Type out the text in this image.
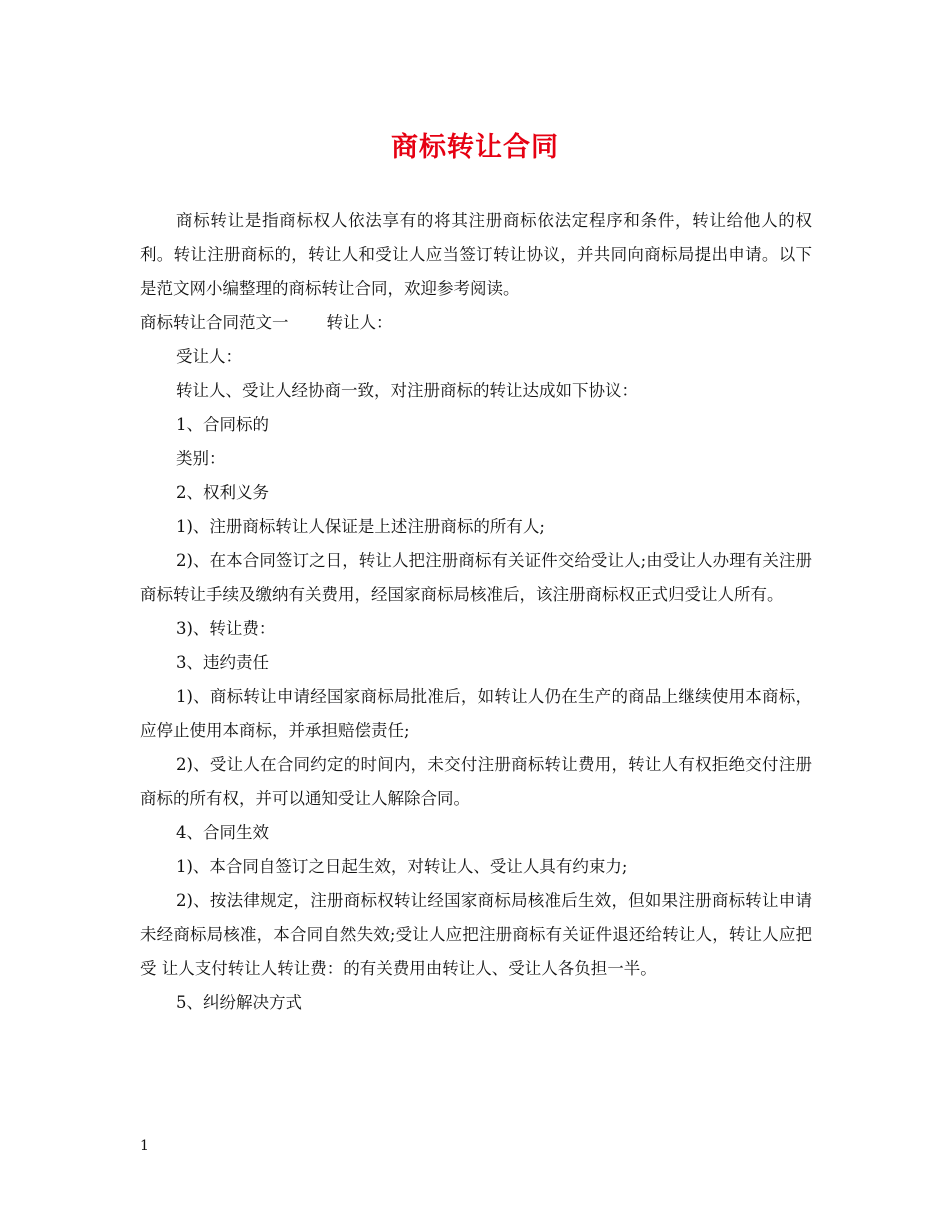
商标转让合同

商标转让是指商标权人依法享有的将其注册商标依法定程序和条件，转让给他人的权利。转让注册商标的，转让人和受让人应当签订转让协议，并共同向商标局提出申请。以下是范文网小编整理的商标转让合同，欢迎参考阅读。

商标转让合同范文一 转让人：

受让人：

转让人、受让人经协商一致，对注册商标的转让达成如下协议：

1、合同标的

类别：

2、权利义务

1)、注册商标转让人保证是上述注册商标的所有人;

2)、在本合同签订之日，转让人把注册商标有关证件交给受让人;由受让人办理有关注册商标转让手续及缴纳有关费用，经国家商标局核准后，该注册商标权正式归受让人所有。

3)、转让费：

3、违约责任

1)、商标转让申请经国家商标局批准后，如转让人仍在生产的商品上继续使用本商标，应停止使用本商标，并承担赔偿责任;

2)、受让人在合同约定的时间内，未交付注册商标转让费用，转让人有权拒绝交付注册商标的所有权，并可以通知受让人解除合同。

4、合同生效

1)、本合同自签订之日起生效，对转让人、受让人具有约束力;

2)、按法律规定，注册商标权转让经国家商标局核准后生效，但如果注册商标转让申请未经商标局核准，本合同自然失效;受让人应把注册商标有关证件退还给转让人，转让人应把受 让人支付转让人转让费：的有关费用由转让人、受让人各负担一半。

5、纠纷解决方式

1
